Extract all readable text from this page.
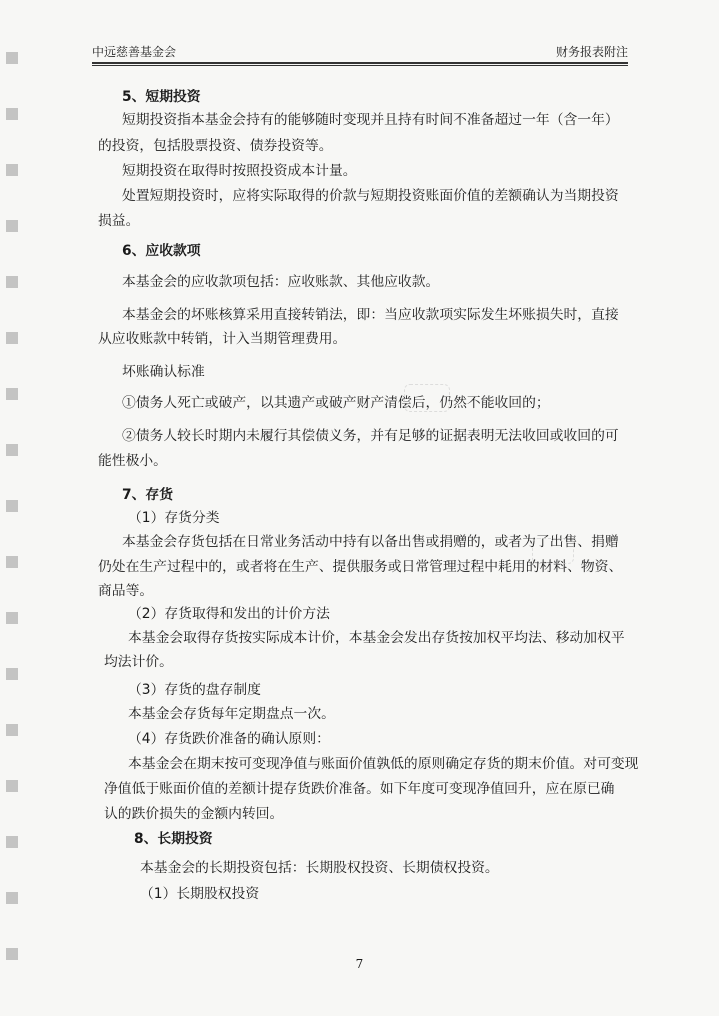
中远慈善基金会	财务报表附注
5、短期投资
短期投资指本基金会持有的能够随时变现并且持有时间不准备超过一年（含一年）
的投资，包括股票投资、债券投资等。
短期投资在取得时按照投资成本计量。
处置短期投资时，应将实际取得的价款与短期投资账面价值的差额确认为当期投资
损益。
6、应收款项
本基金会的应收款项包括：应收账款、其他应收款。
本基金会的坏账核算采用直接转销法，即：当应收款项实际发生坏账损失时，直接
从应收账款中转销，计入当期管理费用。
坏账确认标准
①债务人死亡或破产，以其遗产或破产财产清偿后，仍然不能收回的；
②债务人较长时期内未履行其偿债义务，并有足够的证据表明无法收回或收回的可
能性极小。
7、存货
（1）存货分类
本基金会存货包括在日常业务活动中持有以备出售或捐赠的，或者为了出售、捐赠
仍处在生产过程中的，或者将在生产、提供服务或日常管理过程中耗用的材料、物资、
商品等。
（2）存货取得和发出的计价方法
本基金会取得存货按实际成本计价，本基金会发出存货按加权平均法、移动加权平
均法计价。
（3）存货的盘存制度
本基金会存货每年定期盘点一次。
（4）存货跌价准备的确认原则：
本基金会在期末按可变现净值与账面价值孰低的原则确定存货的期末价值。对可变现
净值低于账面价值的差额计提存货跌价准备。如下年度可变现净值回升，应在原已确
认的跌价损失的金额内转回。
8、长期投资
本基金会的长期投资包括：长期股权投资、长期债权投资。
（1）长期股权投资
7
